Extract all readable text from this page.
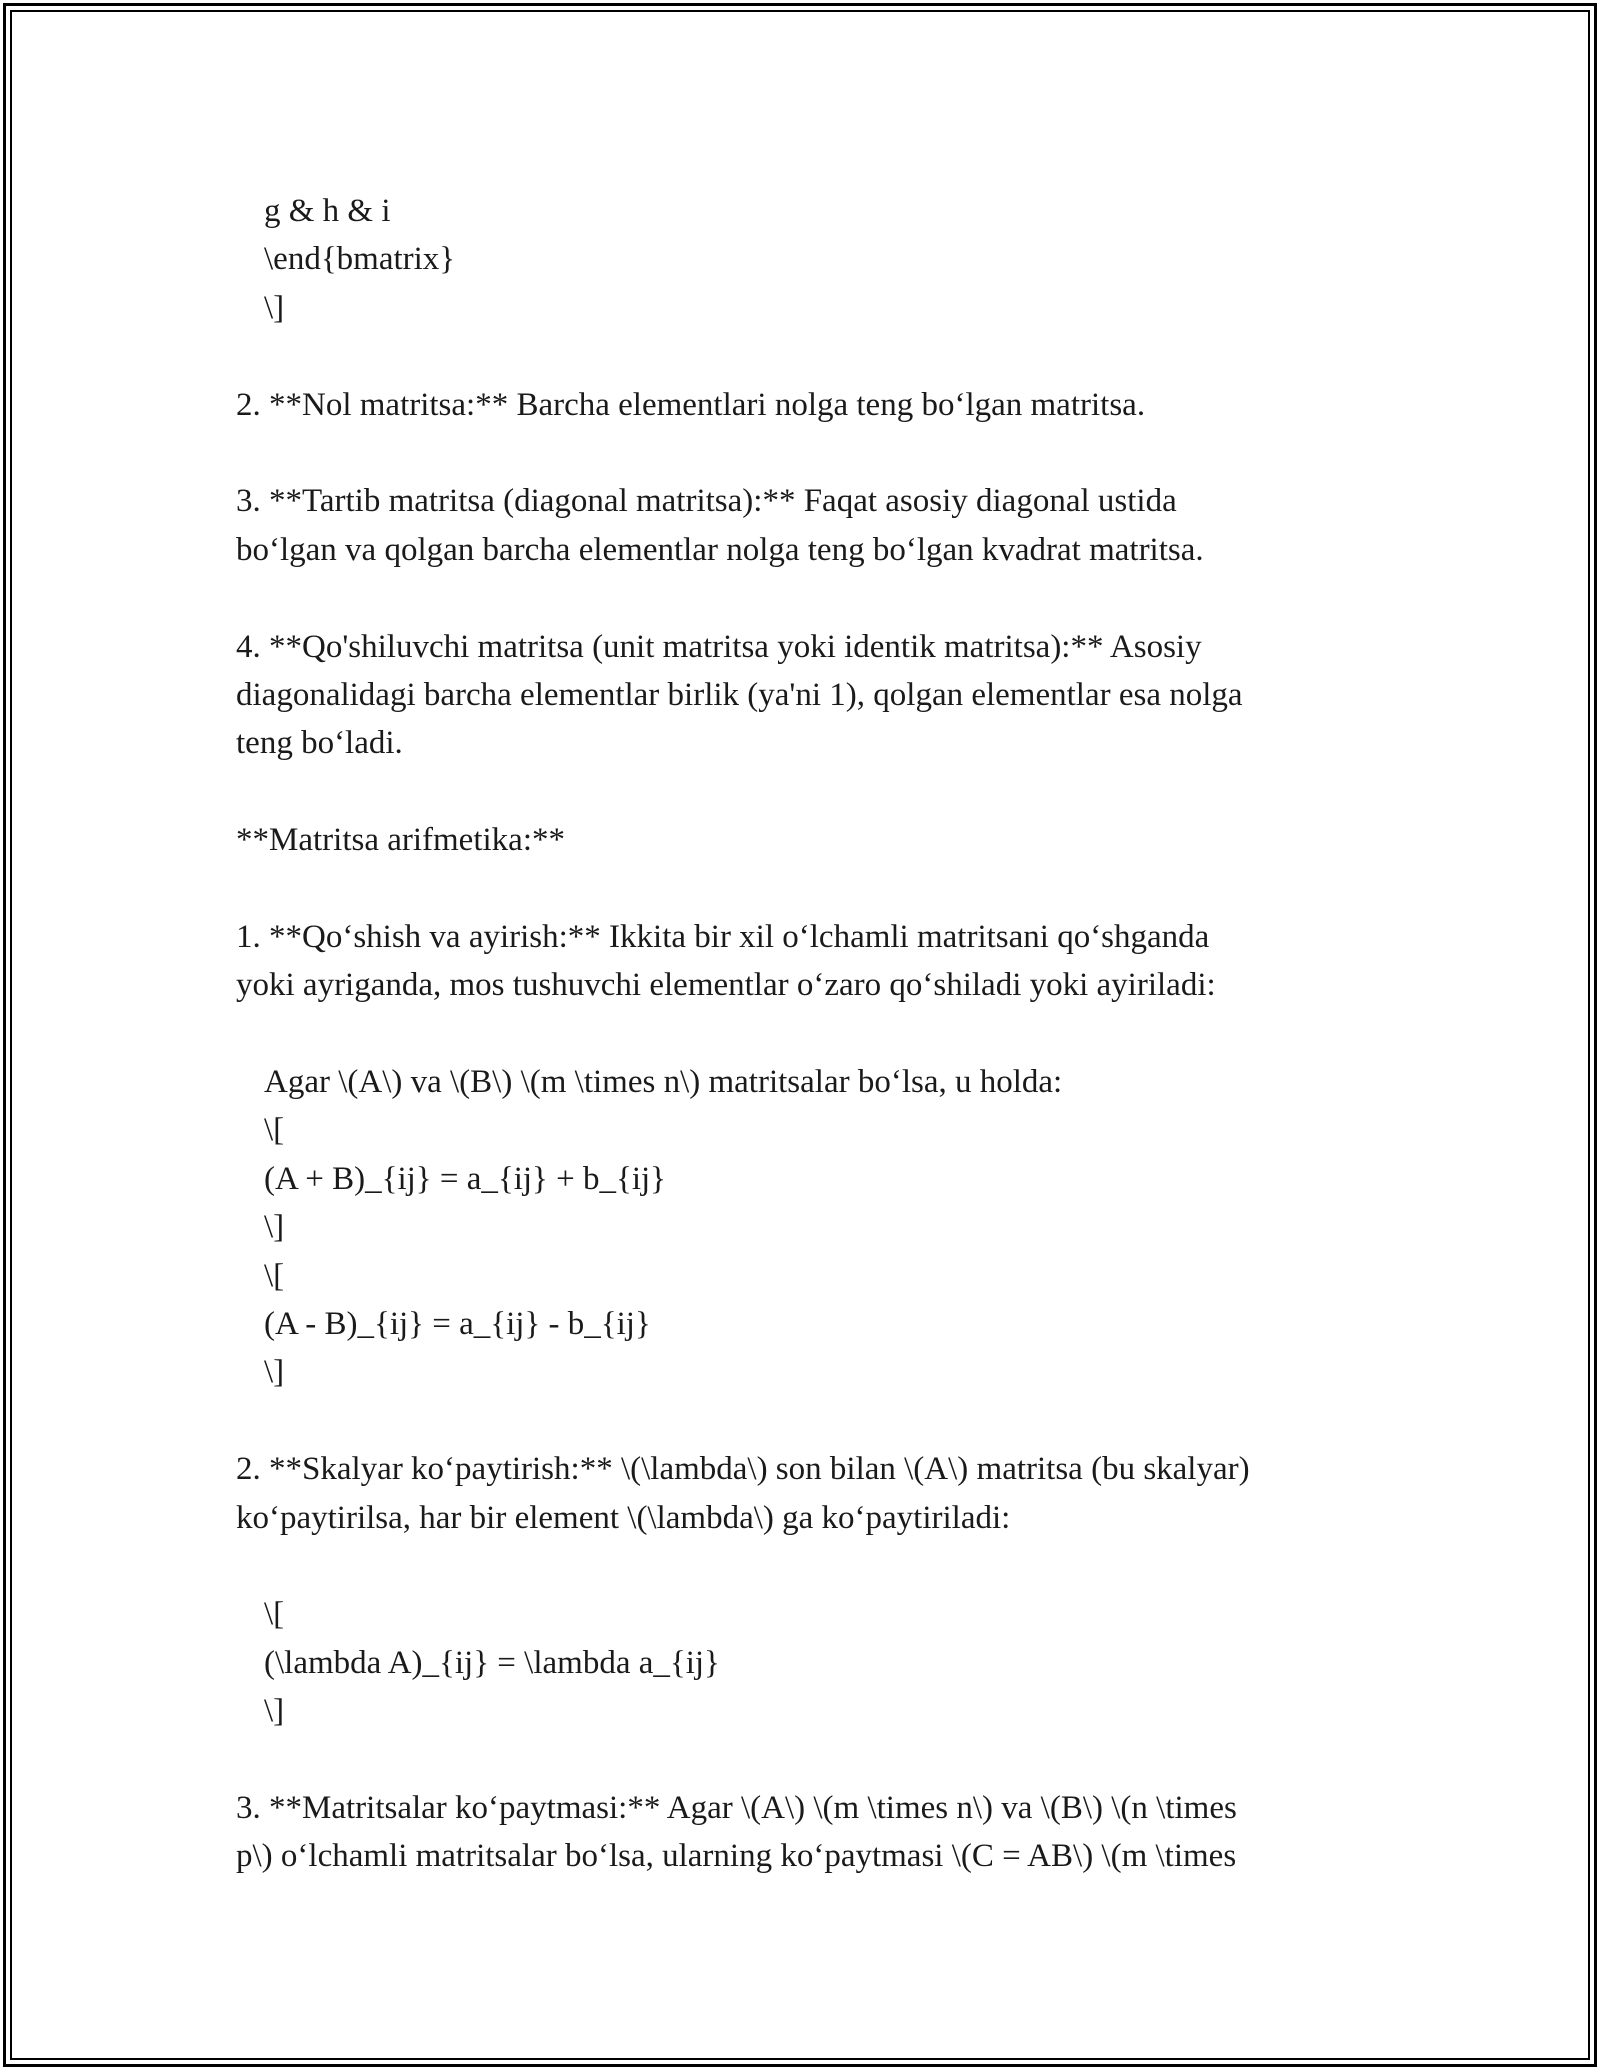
g & h & i
\end{bmatrix}
\]
2. **Nol matritsa:** Barcha elementlari nolga teng bo‘lgan matritsa.
3. **Tartib matritsa (diagonal matritsa):** Faqat asosiy diagonal ustida
bo‘lgan va qolgan barcha elementlar nolga teng bo‘lgan kvadrat matritsa.
4. **Qo'shiluvchi matritsa (unit matritsa yoki identik matritsa):** Asosiy
diagonalidagi barcha elementlar birlik (ya'ni 1), qolgan elementlar esa nolga
teng bo‘ladi.
**Matritsa arifmetika:**
1. **Qo‘shish va ayirish:** Ikkita bir xil o‘lchamli matritsani qo‘shganda
yoki ayriganda, mos tushuvchi elementlar o‘zaro qo‘shiladi yoki ayiriladi:
Agar \(A\) va \(B\) \(m \times n\) matritsalar bo‘lsa, u holda:
\[
(A + B)_{ij} = a_{ij} + b_{ij}
\]
\[
(A - B)_{ij} = a_{ij} - b_{ij}
\]
2. **Skalyar ko‘paytirish:** \(\lambda\) son bilan \(A\) matritsa (bu skalyar)
ko‘paytirilsa, har bir element \(\lambda\) ga ko‘paytiriladi:
\[
(\lambda A)_{ij} = \lambda a_{ij}
\]
3. **Matritsalar ko‘paytmasi:** Agar \(A\) \(m \times n\) va \(B\) \(n \times
p\) o‘lchamli matritsalar bo‘lsa, ularning ko‘paytmasi \(C = AB\) \(m \times
